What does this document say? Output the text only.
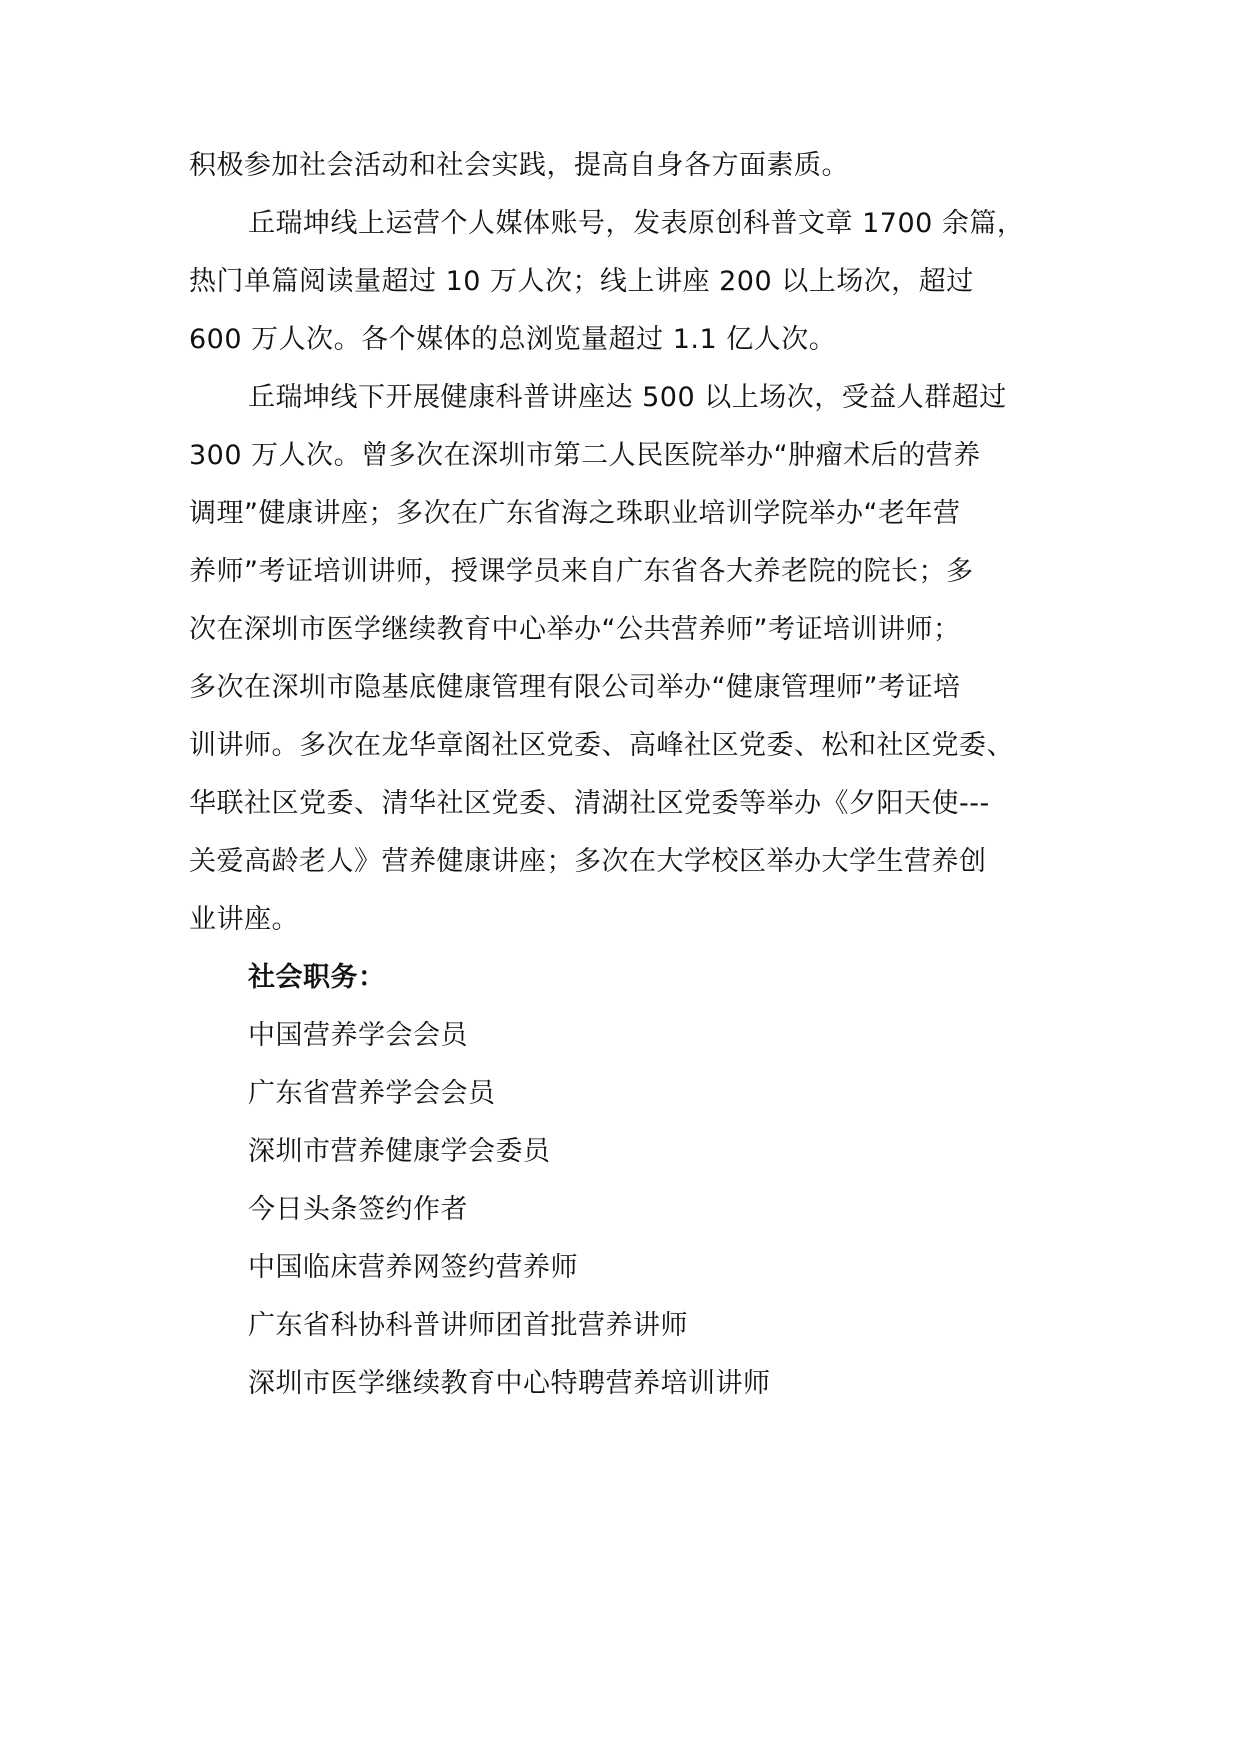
积极参加社会活动和社会实践，提高自身各方面素质。
丘瑞坤线上运营个人媒体账号，发表原创科普文章 1700 余篇，
热门单篇阅读量超过 10 万人次；线上讲座 200 以上场次，超过
600 万人次。各个媒体的总浏览量超过 1.1 亿人次。
丘瑞坤线下开展健康科普讲座达 500 以上场次，受益人群超过
300 万人次。曾多次在深圳市第二人民医院举办“肿瘤术后的营养
调理”健康讲座；多次在广东省海之珠职业培训学院举办“老年营
养师”考证培训讲师，授课学员来自广东省各大养老院的院长；多
次在深圳市医学继续教育中心举办“公共营养师”考证培训讲师；
多次在深圳市隐基底健康管理有限公司举办“健康管理师”考证培
训讲师。多次在龙华章阁社区党委、高峰社区党委、松和社区党委、
华联社区党委、清华社区党委、清湖社区党委等举办《夕阳天使---
关爱高龄老人》营养健康讲座；多次在大学校区举办大学生营养创
业讲座。
社会职务：
中国营养学会会员
广东省营养学会会员
深圳市营养健康学会委员
今日头条签约作者
中国临床营养网签约营养师
广东省科协科普讲师团首批营养讲师
深圳市医学继续教育中心特聘营养培训讲师
